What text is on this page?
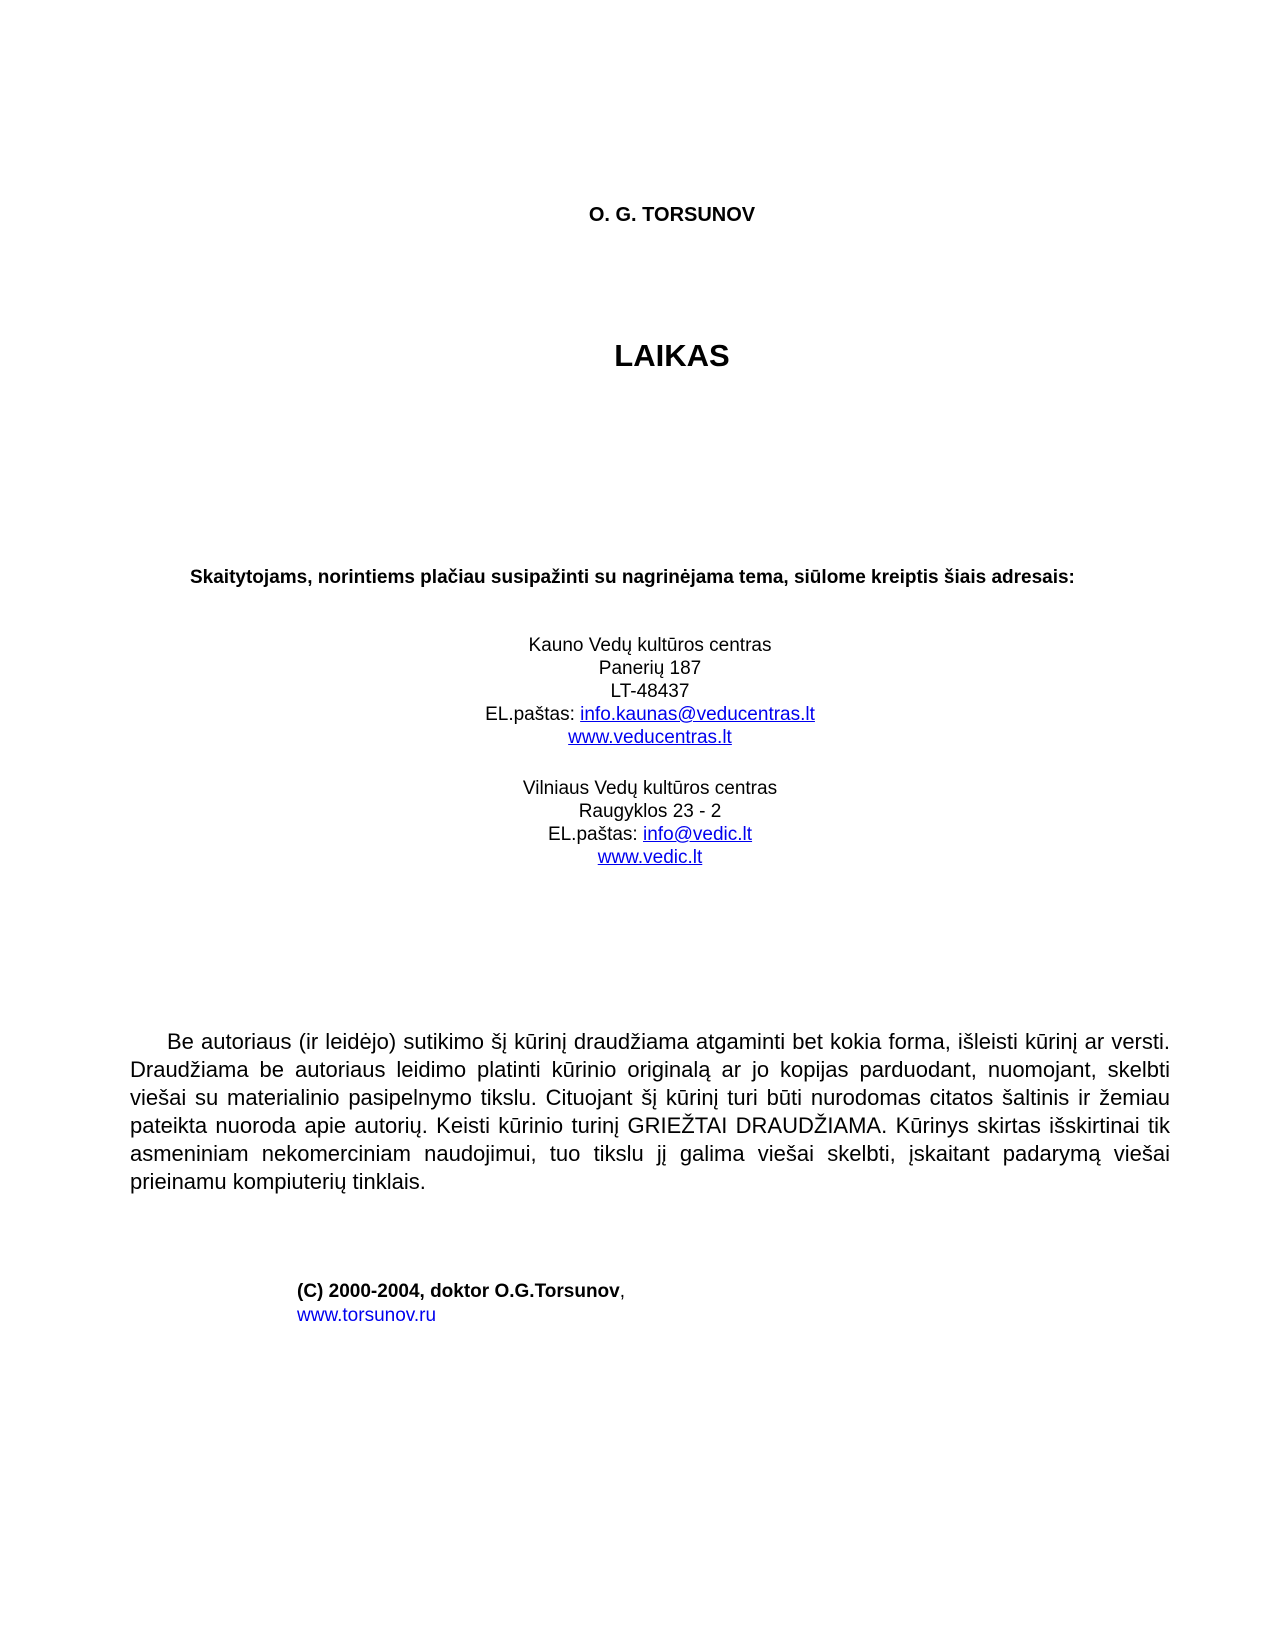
O. G. TORSUNOV
LAIKAS
Skaitytojams, norintiems plačiau susipažinti su nagrinėjama tema, siūlome kreiptis šiais adresais:
Kauno Vedų kultūros centras
Panerių 187
LT-48437
EL.paštas: info.kaunas@veducentras.lt
www.veducentras.lt
Vilniaus Vedų kultūros centras
Raugyklos 23 - 2
EL.paštas: info@vedic.lt
www.vedic.lt
Be autoriaus (ir leidėjo) sutikimo šį kūrinį draudžiama atgaminti bet kokia forma, išleisti kūrinį ar versti. Draudžiama be autoriaus leidimo platinti kūrinio originalą ar jo kopijas parduodant, nuomojant, skelbti viešai su materialinio pasipelnymo tikslu. Cituojant šį kūrinį turi būti nurodomas citatos šaltinis ir žemiau pateikta nuoroda apie autorių. Keisti kūrinio turinį GRIEŽTAI DRAUDŽIAMA. Kūrinys skirtas išskirtinai tik asmeniniam nekomerciniam naudojimui, tuo tikslu jį galima viešai skelbti, įskaitant padarymą viešai prieinamu kompiuterių tinklais.
(C) 2000-2004, doktor O.G.Torsunov,
www.torsunov.ru
